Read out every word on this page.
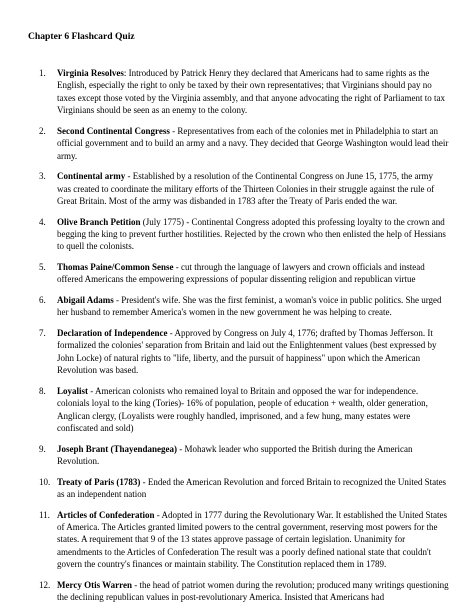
Chapter 6 Flashcard Quiz
1. Virginia Resolves: Introduced by Patrick Henry they declared that Americans had to same rights as the English, especially the right to only be taxed by their own representatives; that Virginians should pay no taxes except those voted by the Virginia assembly, and that anyone advocating the right of Parliament to tax Virginians should be seen as an enemy to the colony.
2. Second Continental Congress - Representatives from each of the colonies met in Philadelphia to start an official government and to build an army and a navy. They decided that George Washington would lead their army.
3. Continental army - Established by a resolution of the Continental Congress on June 15, 1775, the army was created to coordinate the military efforts of the Thirteen Colonies in their struggle against the rule of Great Britain. Most of the army was disbanded in 1783 after the Treaty of Paris ended the war.
4. Olive Branch Petition (July 1775) - Continental Congress adopted this professing loyalty to the crown and begging the king to prevent further hostilities. Rejected by the crown who then enlisted the help of Hessians to quell the colonists.
5. Thomas Paine/Common Sense - cut through the language of lawyers and crown officials and instead offered Americans the empowering expressions of popular dissenting religion and republican virtue
6. Abigail Adams - President's wife. She was the first feminist, a woman's voice in public politics. She urged her husband to remember America's women in the new government he was helping to create.
7. Declaration of Independence - Approved by Congress on July 4, 1776; drafted by Thomas Jefferson. It formalized the colonies' separation from Britain and laid out the Enlightenment values (best expressed by John Locke) of natural rights to "life, liberty, and the pursuit of happiness" upon which the American Revolution was based.
8. Loyalist - American colonists who remained loyal to Britain and opposed the war for independence. colonials loyal to the king (Tories)- 16% of population, people of education + wealth, older generation, Anglican clergy, (Loyalists were roughly handled, imprisoned, and a few hung, many estates were confiscated and sold)
9. Joseph Brant (Thayendanegea) - Mohawk leader who supported the British during the American Revolution.
10. Treaty of Paris (1783) - Ended the American Revolution and forced Britain to recognized the United States as an independent nation
11. Articles of Confederation - Adopted in 1777 during the Revolutionary War. It established the United States of America. The Articles granted limited powers to the central government, reserving most powers for the states. A requirement that 9 of the 13 states approve passage of certain legislation. Unanimity for amendments to the Articles of Confederation The result was a poorly defined national state that couldn't govern the country's finances or maintain stability. The Constitution replaced them in 1789.
12. Mercy Otis Warren - the head of patriot women during the revolution; produced many writings questioning the declining republican values in post-revolutionary America. Insisted that Americans had
